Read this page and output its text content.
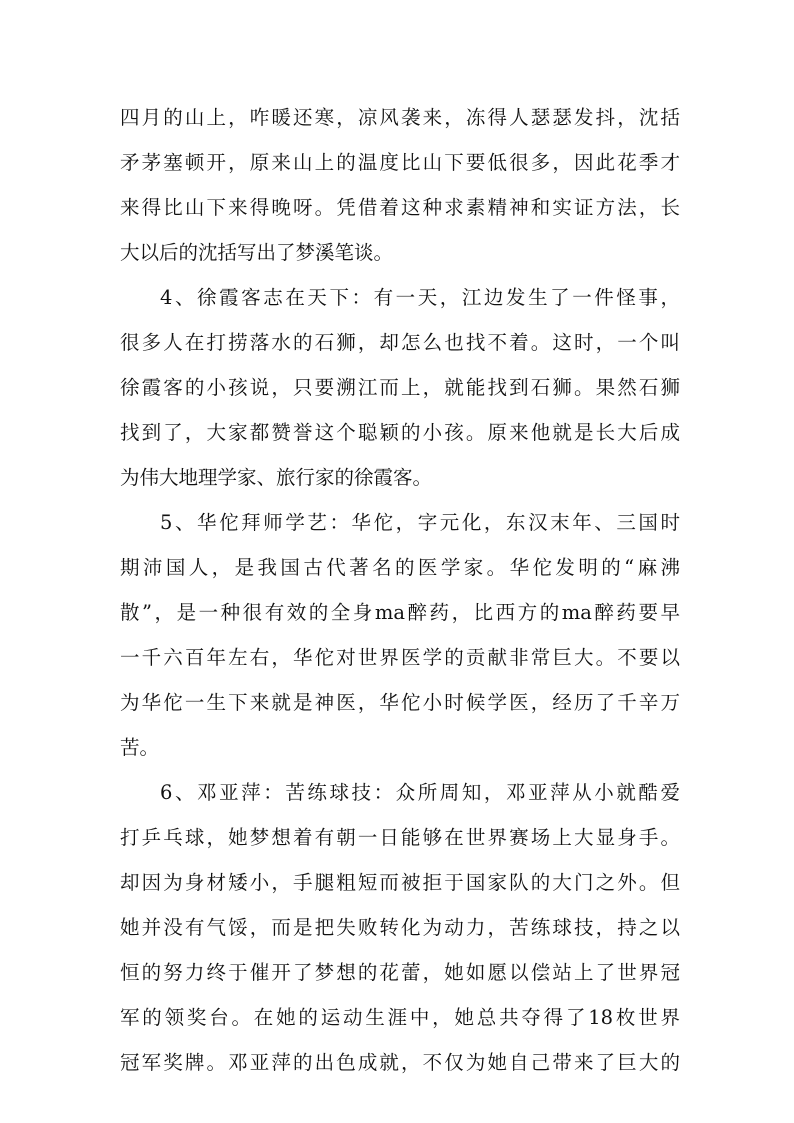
四月的山上，咋暖还寒，凉风袭来，冻得人瑟瑟发抖，沈括
矛茅塞顿开，原来山上的温度比山下要低很多，因此花季才
来得比山下来得晚呀。凭借着这种求素精神和实证方法，长
大以后的沈括写出了梦溪笔谈。
4、徐霞客志在天下：有一天，江边发生了一件怪事，
很多人在打捞落水的石狮，却怎么也找不着。这时，一个叫
徐霞客的小孩说，只要溯江而上，就能找到石狮。果然石狮
找到了，大家都赞誉这个聪颖的小孩。原来他就是长大后成
为伟大地理学家、旅行家的徐霞客。
5、华佗拜师学艺：华佗，字元化，东汉末年、三国时
期沛国人，是我国古代著名的医学家。华佗发明的“麻沸
散”，是一种很有效的全身ma醉药，比西方的ma醉药要早
一千六百年左右，华佗对世界医学的贡献非常巨大。不要以
为华佗一生下来就是神医，华佗小时候学医，经历了千辛万
苦。
6、邓亚萍：苦练球技：众所周知，邓亚萍从小就酷爱
打乒乓球，她梦想着有朝一日能够在世界赛场上大显身手。
却因为身材矮小，手腿粗短而被拒于国家队的大门之外。但
她并没有气馁，而是把失败转化为动力，苦练球技，持之以
恒的努力终于催开了梦想的花蕾，她如愿以偿站上了世界冠
军的领奖台。在她的运动生涯中，她总共夺得了18枚世界
冠军奖牌。邓亚萍的出色成就，不仅为她自己带来了巨大的
